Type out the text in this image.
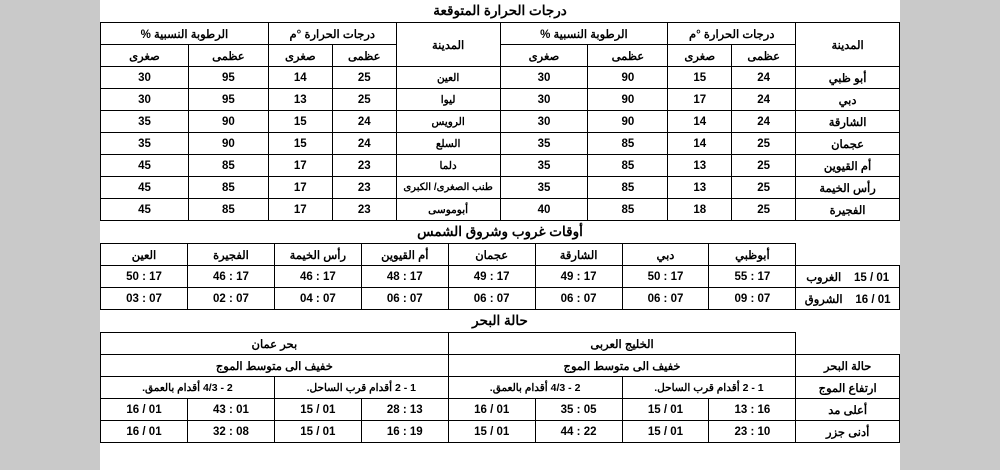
درجات الحرارة المتوقعة
المدينة	درجات الحرارة °م		الرطوبة النسبية %		المدينة	درجات الحرارة °م		الرطوبة النسبية %	
	عظمى	صغرى	عظمى	صغرى		عظمى	صغرى	عظمى	صغرى
أبو ظبي	24	15	90	30	العين	25	14	95	30
دبي	24	17	90	30	ليوا	25	13	95	30
الشارقة	24	14	90	30	الرويس	24	15	90	35
عجمان	25	14	85	35	السلع	24	15	90	35
أم القيوين	25	13	85	35	دلما	23	17	85	45
رأس الخيمة	25	13	85	35	طنب الصغرى/ الكبرى	23	17	85	45
الفجيرة	25	18	85	40	أبوموسى	23	17	85	45
أوقات غروب وشروق الشمس
	أبوظبي	دبي	الشارقة	عجمان	أم القيوين	رأس الخيمة	الفجيرة	العين
01 / 15    الغروب	17 : 55	17 : 50	17 : 49	17 : 49	17 : 48	17 : 46	17 : 46	17 : 50
01 / 16    الشروق	07 : 09	07 : 06	07 : 06	07 : 06	07 : 06	07 : 04	07 : 02	07 : 03
حالة البحر
	الخليج العربى				بحر عمان			
حالة البحر	خفيف الى متوسط الموج				خفيف الى متوسط الموج			
ارتفاع الموج	1 - 2 أقدام قرب الساحل.		2 - 4/3 أقدام بالعمق.		1 - 2 أقدام قرب الساحل.		2 - 4/3 أقدام بالعمق.	
أعلى مد	16 : 13	01 / 15	05 : 35	01 / 16	13 : 28	01 / 15	01 : 43	01 / 16
أدنى جزر	10 : 23	01 / 15	22 : 44	01 / 15	19 : 16	01 / 15	08 : 32	01 / 16
